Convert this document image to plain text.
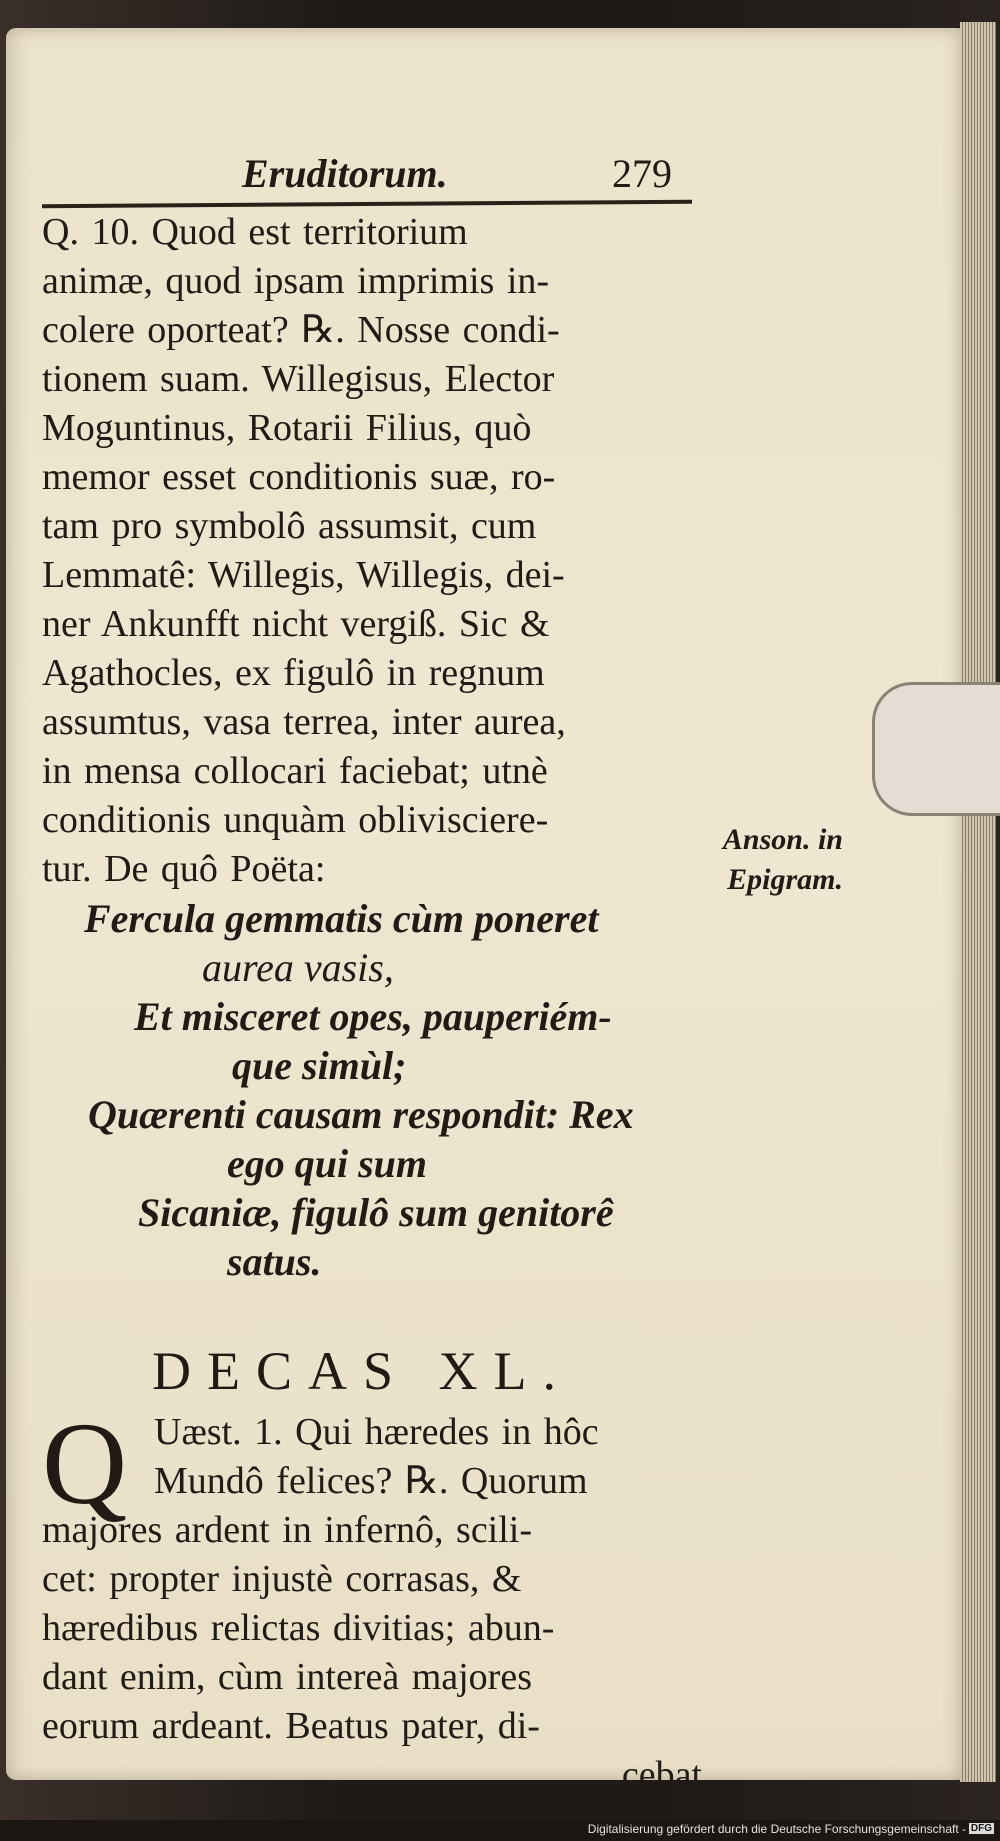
Eruditorum.	279
Q. 10. Quod est territorium
animæ, quod ipsam imprimis in-
colere oporteat? ℞. Nosse condi-
tionem suam. Willegisus, Elector
Moguntinus, Rotarii Filius, quò
memor esset conditionis suæ, ro-
tam pro symbolô assumsit, cum
Lemmatê: Willegis, Willegis, dei-
ner Ankunfft nicht vergiß. Sic &
Agathocles, ex figulô in regnum
assumtus, vasa terrea, inter aurea,
in mensa collocari faciebat; utnè
conditionis unquàm oblivisciere-
tur. De quô Poëta:
Fercula gemmatis cùm poneret
aurea vasis,
Et misceret opes, pauperiém-
que simùl;
Quærenti causam respondit: Rex
ego qui sum
Sicaniæ, figulô sum genitorê
satus.
DECAS XL.
Q Uæst. 1. Qui hæredes in hôc
Mundô felices? ℞. Quorum
majores ardent in infernô, scili-
cet: propter injustè corrasas, &
hæredibus relictas divitias; abun-
dant enim, cùm intereà majores
eorum ardeant. Beatus pater, di-
cebat
Anson. in
Epigram.
Digitalisierung gefördert durch die Deutsche Forschungsgemeinschaft - DFG
